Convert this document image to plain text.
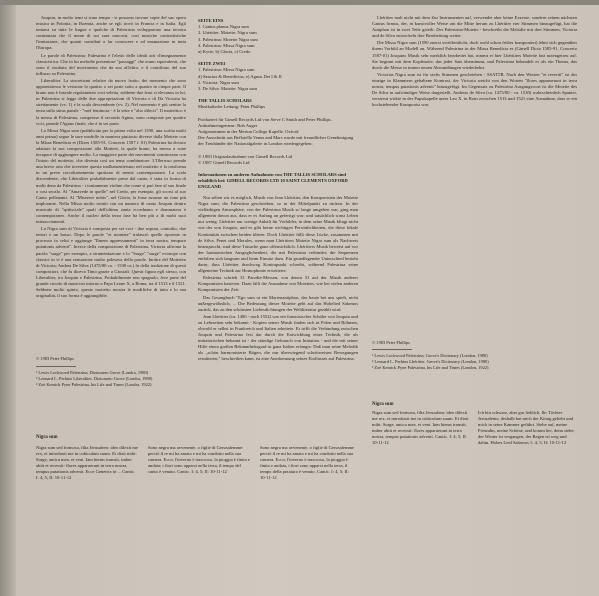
Josquin, in molto temi si sono tempo - si possono trovare copie del suo opera musica in Polonia, in Boemia, anche se egli trovò in Francia e in Italia. Egli tentava su tutte le lingue e qualche di Palestrina svilupparono una tecnica contrastata che il nome di sui suoi nascosti, così musiche contrattistiche l'imitazione, che quanti contribuì a far conoscere e ad emanazione in tutta l'Europa.

Le parole di Palestrina: Palestrina è l'eletto delle ideali arti d'insegnamento classicistica. Che in lui melodie presentose "passaggi" che erano equivalenti, che sono il risultato del movimento che da suo all'altro, e il contributo del suo influsso su Palestrina.

Liberaliter. La sincretismi relative da nuovo frutto, dei momento che sono apparentiesso le versione lo quattro o sei parte sotto a quattro in cinque parti. Il brano non è fuseale regolamento voci seletta, subbene due frasi si elevanos in lui, in Palestrina si legge delle due appropriazioni di Victoria e di Da Victoria ha strettamente (vv. 1) e la scala descendente (vv. 2). Nel momento è più sentire la terza sulla sinus paeale - "mel feminosa - è la sette e "alto dilecti". Il mottettico è la messa di Palestrina, compresse il secondo Agnus, sono composte per quattro voci, prende l'Agnus finale, che è in sei parte.

La Missa Nigra sum (pubblicata per la prima volta nel 1590, una scritta molti anni prima) segue le sure modelle in maniera piuttosto diverse dalla Mottete con la Missa Benedicta et (Dixes 1585-91, Concerto 1587 f. 01) Palestrina ha dovuto adattare la sua composizione alla Mottete, la quale brano, ha messo a sone incapace di aggiungere molto. La maggiore parte dei movimenti cominciano con l'inizio del mottetto, che diventa così un tema combinatore. L'Illerroso prende una breve aria che invertere questa inalliamenteismo nel mottetto e la trasforma in un preve raccoltaisemento spiritano di mente contemporaneo. La scala discendente, che Liberaliter probabilmente prese dal canto, è stata in forma di molti dena da Palestrina - i trattamento violine che come si può fare al suo finale a cosi secalo. Al "Amavede in quelle" nel Credo, per esempio, gli scorsi al suo Canto pellenanti. Al "Miserere nobis", nel Gloria, la frase assume un tono più implorante. Nella Missa molto sentiti con un numero di canto Josquin dentro musicale di "spitisciale" quali dell'ultima zanta ecceduano e dommatera è contemporaneo. Anche il nucleo della terza fase ha ben più a di molti suoi interacciamenti.

La Nigra sum di Victoria è composta per sei voci - due sopran, contralto, due tenori e un basso. Dopo le parole "et montate" tralasciò quelle riportate in processo in celui e aggiunge "Ilmem appressamenti" in terra nostra, tempore putationis advenit". Invece della composizione di Palestrina, Victoria affronta la parola "surge" per esempio, a strumentazione e lo "Surge" "surge" evonope con classici in vi è una sensazione molto palesava della parole. Inoltre del Motteteo di Victoria; Andrea De Silva (1475/80 ca. - 1530 ca.) fu della tradizione di questi compositori, che fu diceva Tinto grazie a Giosiali. Questi figura egli stesso, con Liberaliter, tra Josquin e Palestrina. Probabilmente non spagnolo, fece parte del grande circolo di musicisti intorno a Papa Leone X, a Roma, tra il 1513 e il 1521. Sebbene molto spinto, questo mottetto mostra le modifiche di tutta e lo sua originalità, il suo forma è aggiungibile.

© 1983 Peter Phillips
¹ Lewis Lockwood Palestrina, Dizionario Grove (Londra, 1980)
² Leonard L. Perkins Liberaliter, Dizionario Grove (Londra, 1980)
³ Zoë Kenrick Pyne Palestrina, his Life and Times (Londra, 1922)
SEITE EINS
1. Cantus planus Nigra sum
2. Lhéritier. Motette: Nigra sum
3. Palestrina: Motette Nigra sum
4. Palestrina: Missa Nigra sum
a) Kyrie, b) Gloria, c) Credo
SEITE ZWEI
1. Palestrina: Missa Nigra sum
d) Sanctus & Benedictus, e) Agnus Dei I & II
2. Victoria: Nigra sum
3. De Silva: Motette: Nigra sum
THE TALLIS SCHOLARS
Musikalische Leitung: Peter Phillips
Produziert für Gimell Records Ltd von Steve C Smith and Peter Phillips. Aufnahmeingenieur: Bob Auger
Aufgenommen in der Merton College Kapelle, Oxford
Der Ausschnitt aus Beflotella Venus and Mars wurde mit freundlicher Genehmigung der Treuhänder der Nationalgalerie in London wiedergegeben.
℗ 1983 Originalaufnahme von Gimell Records Ltd
© 1987 Gimell Records Ltd
Informationen zu anderen Aufnahmen von THE TALLIS SCHOLARS sind erhältlich bei: GIMELL RECORDS LTD 10 SAINT CLEMENTS OXFORD ENGLAND

Nur selten wir es möglich, Musik von Jean Lhéritier, den Komponisten der Motette Nigra sum, die Palestrina geschrieben, so in der Mittelpunkt zu rücken. In der vielfarbigen Atmosphäre, von der Palestrina Musik so lange umgeben war, ging man allgemein davon aus, dass er es Anfang an gefertigt war; und tatsächlich sonst Leben nur wenig. Lhéritier nur wenige Anhalt für Vorbilder, in dem seine Musik klingt nicht wie der von Josquin, und es gibt keine wichtigen Persönlichkeiten, die diese lokale Kontinuität zwischen beiden klären. Doch Lhéritier füllt diese Lücke, zusammen mit de Silva, Penet und Morales, wenn man Lhéritiers Motette Nigra sum als Nachweis beansprucht, sind diese Tatsache ganz offensichtlich. Lhéritiers Musik beweist auf vor der harmonischen Ausgeglichenheit, die mit Palestrina verbindet; die Sequenzen entfalten sich langsam und beim Einsatz dazu. Ein grundlegender Unterschied besteht darin, dass Lhéritier durchweg Kontrapunkt schreibt, während Palestrina seine allgemeine Technik zur Homophonie erweiterte.

Palestrina schrieb 31 Parodie-Messen, von denen 31 auf der Musik anderer Komponisten basieren. Dazu fällt die Ausnahme von Motetten, wie bei vielen anderen Komponisten der Zeit.

Das Gesangbuch "Ego sum ut ein Marienantiphon, das heute bei uns spielt, nicht außergewöhnlich, ... Die Bedeutung dieser Motette geht auf das Hohelied Salomos zurück, das zu den schönsten Liebesdichtungen der Weltliteratur gezählt wird.

Jean Lhéritier (ca. 1480 - nach 1552) war ein französischer Schüler von Josquin und zu Lehrzeiten sehr bekannt - Kopien seiner Musik finden sich in Polen und Böhmen, obwohl er selbst in Frankreich und Italien arbeitete. Er trifft die Verbindung zwischen Josquin und Palestrina fest dar durch die Entwicklung einer Technik, die als imitatorischen bekannt ist - der ständige Gebrauch von Imitation - und die mit seiner Hilfe einen großen Bekanntheitsgrad in ganz Italien erlangte. Daß man seine Melodik als „schön harmonisierte Bögen, die nur überwiegend schrittweisen Bewegungen resultieren," beschreiben kann, ist eine Anerkennung seines Einflusses auf Palestrina.

Lhéritier malt nicht mit dem Zur Instrumenten auf, verwendet aber keine Exzesse, sondern seinen nächsten Cantus firmus, der, in kunstvoller Weise um die Mitte herum zu Lhéritier vier Stimmen hinzugefügt, hat die Antiphon ist in zwei Teile geteilt. Der Palestrina-Motette - beschreibt die Melodie mit drei Stimmen, Victoria und de Silva entwickeln ihre Bearbeitung weiter.

Die Missa Nigra sum (1590 zuerst veröffentlicht, doch wohl schon früher komponiert) lehnt sich gegenüber ihrem Vorbild an Modell an. Während Palestrina in der Missa Benedicta es (Gimell Dicta 1585-91, Concerto 1587-01) Josquins Musik sehr merklich bearbeitet hat, nimmt er hier Lhéritiers Motette fast notengetreu auf. Sie beginnt mit dem Kopfmotiv, das jeder Satz übernimmt, und Palestrina behandelt es als ein Thema, das durch die Messe in immer neuen Abwandlungen wiederkehrt.

Victorias Nigra sum ist für sechs Stimmen geschrieben - SSATTB. Nach den Worten "et revertit" ist der einzige in Klammern gehaltene Kontrast, der Victoria weicht von den Worten "flores apparuerunt in terra nostra, tempus putationis advenit" hinzugefügt. Im Gegensatz zu Palestrina Ausgangswort ist die Motette des De Silva in aufwändiger Weise dargestellt. Andreas de Silva (ca. 1475/80 - ca. 1530) wahrscheinlich Spanier, verstreut wirkte in der Papstkapelle unter Leo X. in Rom zwischen 1513 und 1521 eine Ausnahme, dass er ein hochstehender Komponist war.

Nigra sum
Nigra sum sed formosa, filia Jerusalem: ideo dilexit me rex, et introduxit me in cubiculum suum. Et dixit mihi: Surge, amica mea, et veni. Iam hiems transiit, imber abiit et recessit: flores apparuerunt in terra nostra, tempus putationis advenit. Ecce Genetrix in ... Cantic. I: 4, 5; II: 10-11-12
Sono negra ma avvenente, o figlie di Gerusalemme: perciò il re mi ha amato e mi ha condotto nella sua camera. Ecco, l'inverno è trascorso, la pioggia è finita e andata; i fiori sono apparsi nella terra, il tempo del canto è venuto. Cantic. I: 4, 5; II: 10-11-12
Sono negra ma avvenente, o figlie di Gerusalemme perciò il re mi ha amato e mi ha condotto nella sua camera. Ecco, l'inverno è trascorso, la pioggia è finita e andata, i fiori sono apparsi nella terra, il tempo della potatura è venuto. Cantic. I: 4, 5; II: 10-11-12
© 1983 Peter Phillips
¹ Lewis Lockwood Palestrina, Grove's Dictionary (London, 1980)
² Leonard L. Perkins Lhéritier, Grove's Dictionary (London, 1980)
³ Zoë Kenrick Pyne Palestrina, his Life and Times (London, 1922)
Nigra sum
Nigra sum sed formosa, filia Jerusalem: ideo dilexit me rex, et introduxit me in cubiculum suum. Et dixit mihi: Surge, amica mea, et veni. Iam hiems transiit, imber abiit et recessit: flores apparuerunt in terra nostra, tempus putationis advenit. Cantic. I: 4, 5; II: 10-11-12
Ich bin schwarz, aber gar lieblich, Ihr Töchter Jerusalems; deshalb hat mich der König geliebt und mich in seine Kammer geführt. Stehe auf, meine Freundin, meine Schöne, und komm her, denn siehe, der Winter ist vergangen, der Regen ist weg und dahin. Hohes Lied Salomos 1: 4, 5; II: 10-11-12
